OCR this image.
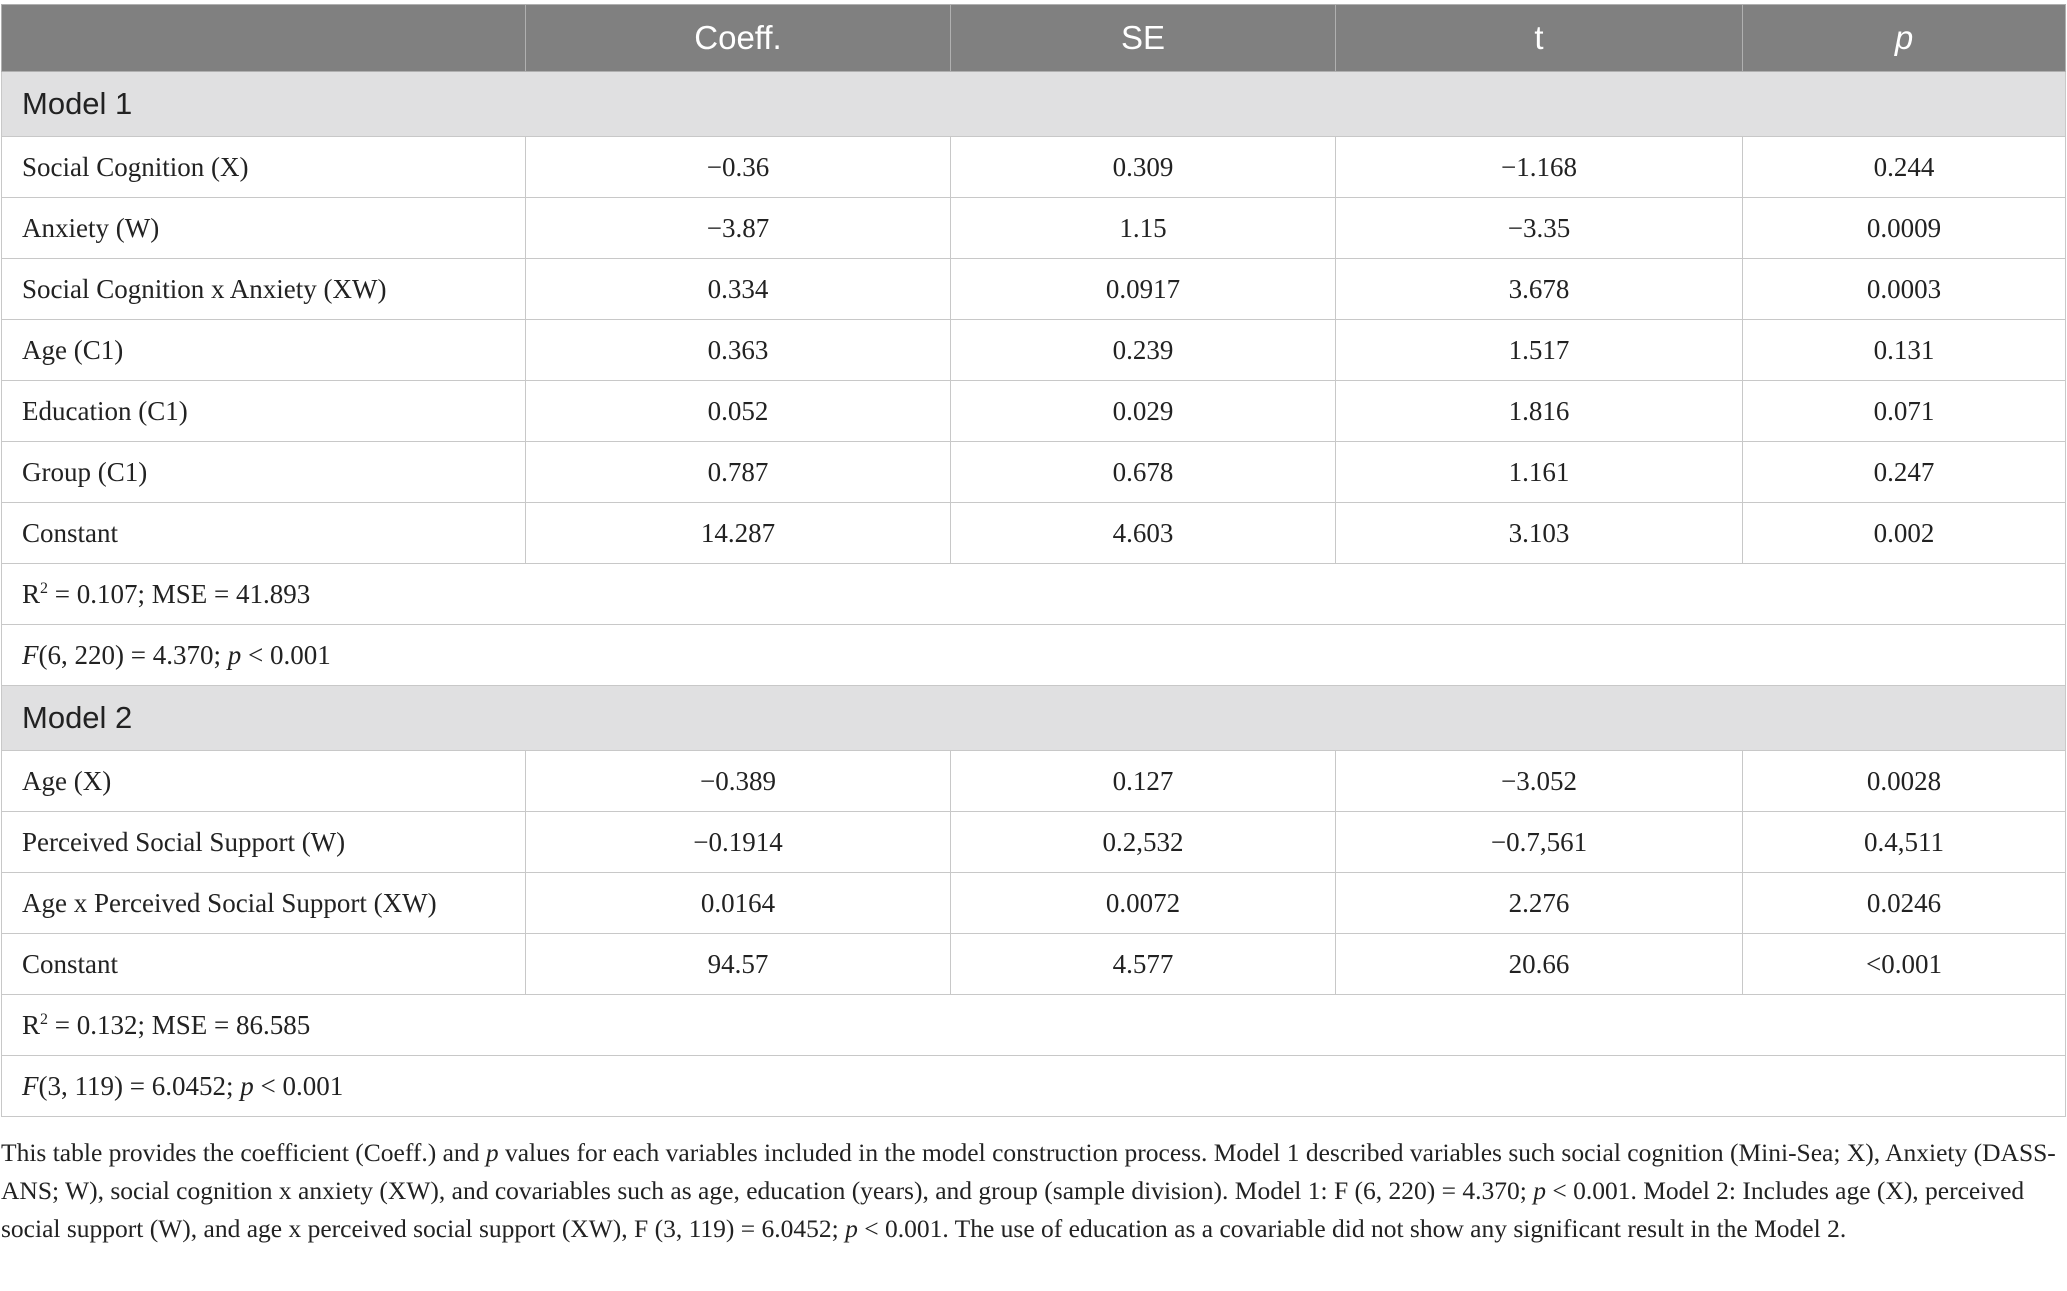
	Coeff.	SE	t	p
Model 1				
Social Cognition (X)	−0.36	0.309	−1.168	0.244
Anxiety (W)	−3.87	1.15	−3.35	0.0009
Social Cognition x Anxiety (XW)	0.334	0.0917	3.678	0.0003
Age (C1)	0.363	0.239	1.517	0.131
Education (C1)	0.052	0.029	1.816	0.071
Group (C1)	0.787	0.678	1.161	0.247
Constant	14.287	4.603	3.103	0.002
$R^2 = 0.107$; MSE = 41.893				
F(6, 220) = 4.370; p < 0.001				
Model 2				
Age (X)	−0.389	0.127	−3.052	0.0028
Perceived Social Support (W)	−0.1914	0.2,532	−0.7,561	0.4,511
Age x Perceived Social Support (XW)	0.0164	0.0072	2.276	0.0246
Constant	94.57	4.577	20.66	<0.001
$R^2 = 0.132$; MSE = 86.585				
F(3, 119) = 6.0452; p < 0.001				
This table provides the coefficient (Coeff.) and p values for each variables included in the model construction process. Model 1 described variables such social cognition (Mini-Sea; X), Anxiety (DASS-ANS; W), social cognition x anxiety (XW), and covariables such as age, education (years), and group (sample division). Model 1: F (6, 220) = 4.370; p < 0.001. Model 2: Includes age (X), perceived social support (W), and age x perceived social support (XW), F (3, 119) = 6.0452; p < 0.001. The use of education as a covariable did not show any significant result in the Model 2.
